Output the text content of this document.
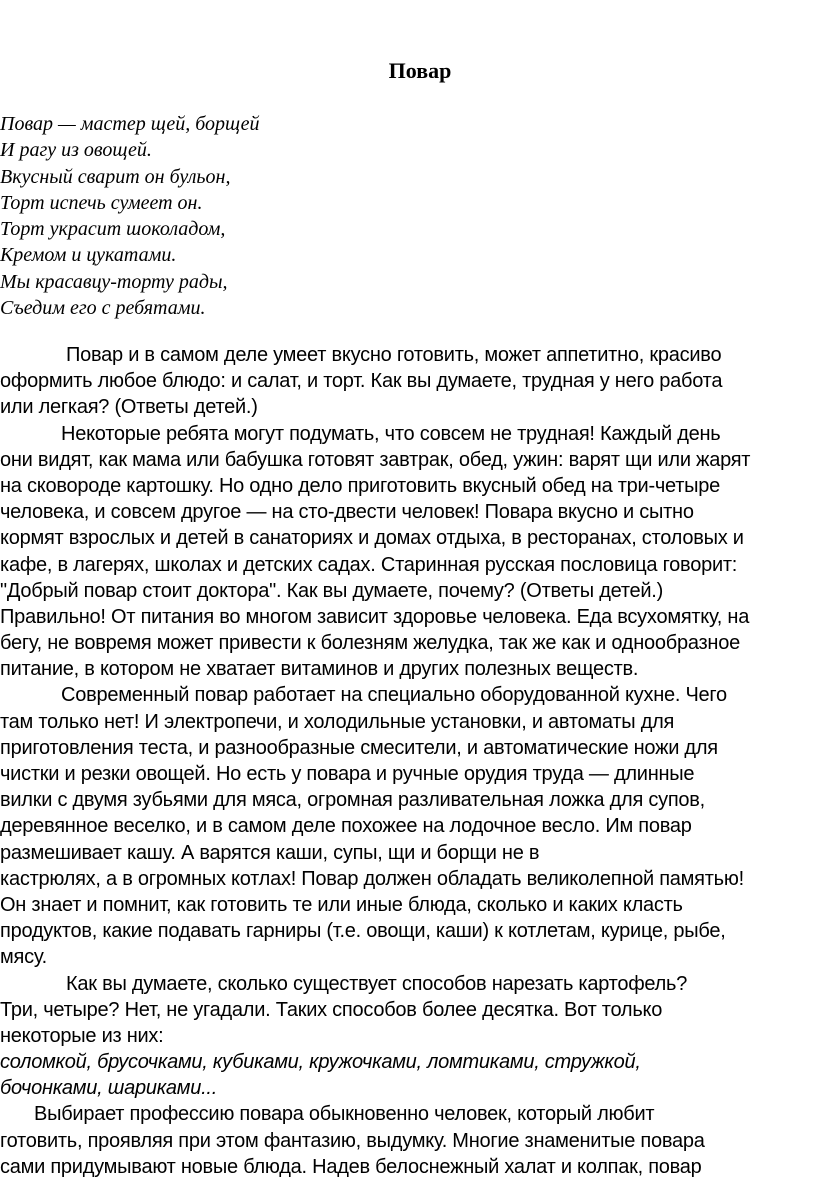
Повар
Повар — мастер щей, борщей
И рагу из овощей.
Вкусный сварит он бульон,
Торт испечь сумеет он.
Торт украсит шоколадом,
Кремом и цукатами.
Мы красавцу-торту рады,
Съедим его с ребятами.
Повар и в самом деле умеет вкусно готовить, может аппетитно, красиво
оформить любое блюдо: и салат, и торт. Как вы думаете, трудная у него работа
или легкая? (Ответы детей.)
Некоторые ребята могут подумать, что совсем не трудная! Каждый день
они видят, как мама или бабушка готовят завтрак, обед, ужин: варят щи или жарят
на сковороде картошку. Но одно дело приготовить вкусный обед на три-четыре
человека, и совсем другое — на сто-двести человек! Повара вкусно и сытно
кормят взрослых и детей в санаториях и домах отдыха, в ресторанах, столовых и
кафе, в лагерях, школах и детских садах. Старинная русская пословица говорит:
"Добрый повар стоит доктора". Как вы думаете, почему? (Ответы детей.)
Правильно! От питания во многом зависит здоровье человека. Еда всухомятку, на
бегу, не вовремя может привести к болезням желудка, так же как и однообразное
питание, в котором не хватает витаминов и других полезных веществ.
Современный повар работает на специально оборудованной кухне. Чего
там только нет! И электропечи, и холодильные установки, и автоматы для
приготовления теста, и разнообразные смесители, и автоматические ножи для
чистки и резки овощей. Но есть у повара и ручные орудия труда — длинные
вилки с двумя зубьями для мяса, огромная разливательная ложка для супов,
деревянное веселко, и в самом деле похожее на лодочное весло. Им повар
размешивает кашу. А варятся каши, супы, щи и борщи не в
кастрюлях, а в огромных котлах! Повар должен обладать великолепной памятью!
Он знает и помнит, как готовить те или иные блюда, сколько и каких класть
продуктов, какие подавать гарниры (т.е. овощи, каши) к котлетам, курице, рыбе,
мясу.
Как вы думаете, сколько существует способов нарезать картофель?
Три, четыре? Нет, не угадали. Таких способов более десятка. Вот только
некоторые из них:
соломкой, брусочками, кубиками, кружочками, ломтиками, стружкой,
бочонками, шариками...
Выбирает профессию повара обыкновенно человек, который любит
готовить, проявляя при этом фантазию, выдумку. Многие знаменитые повара
сами придумывают новые блюда. Надев белоснежный халат и колпак, повар
